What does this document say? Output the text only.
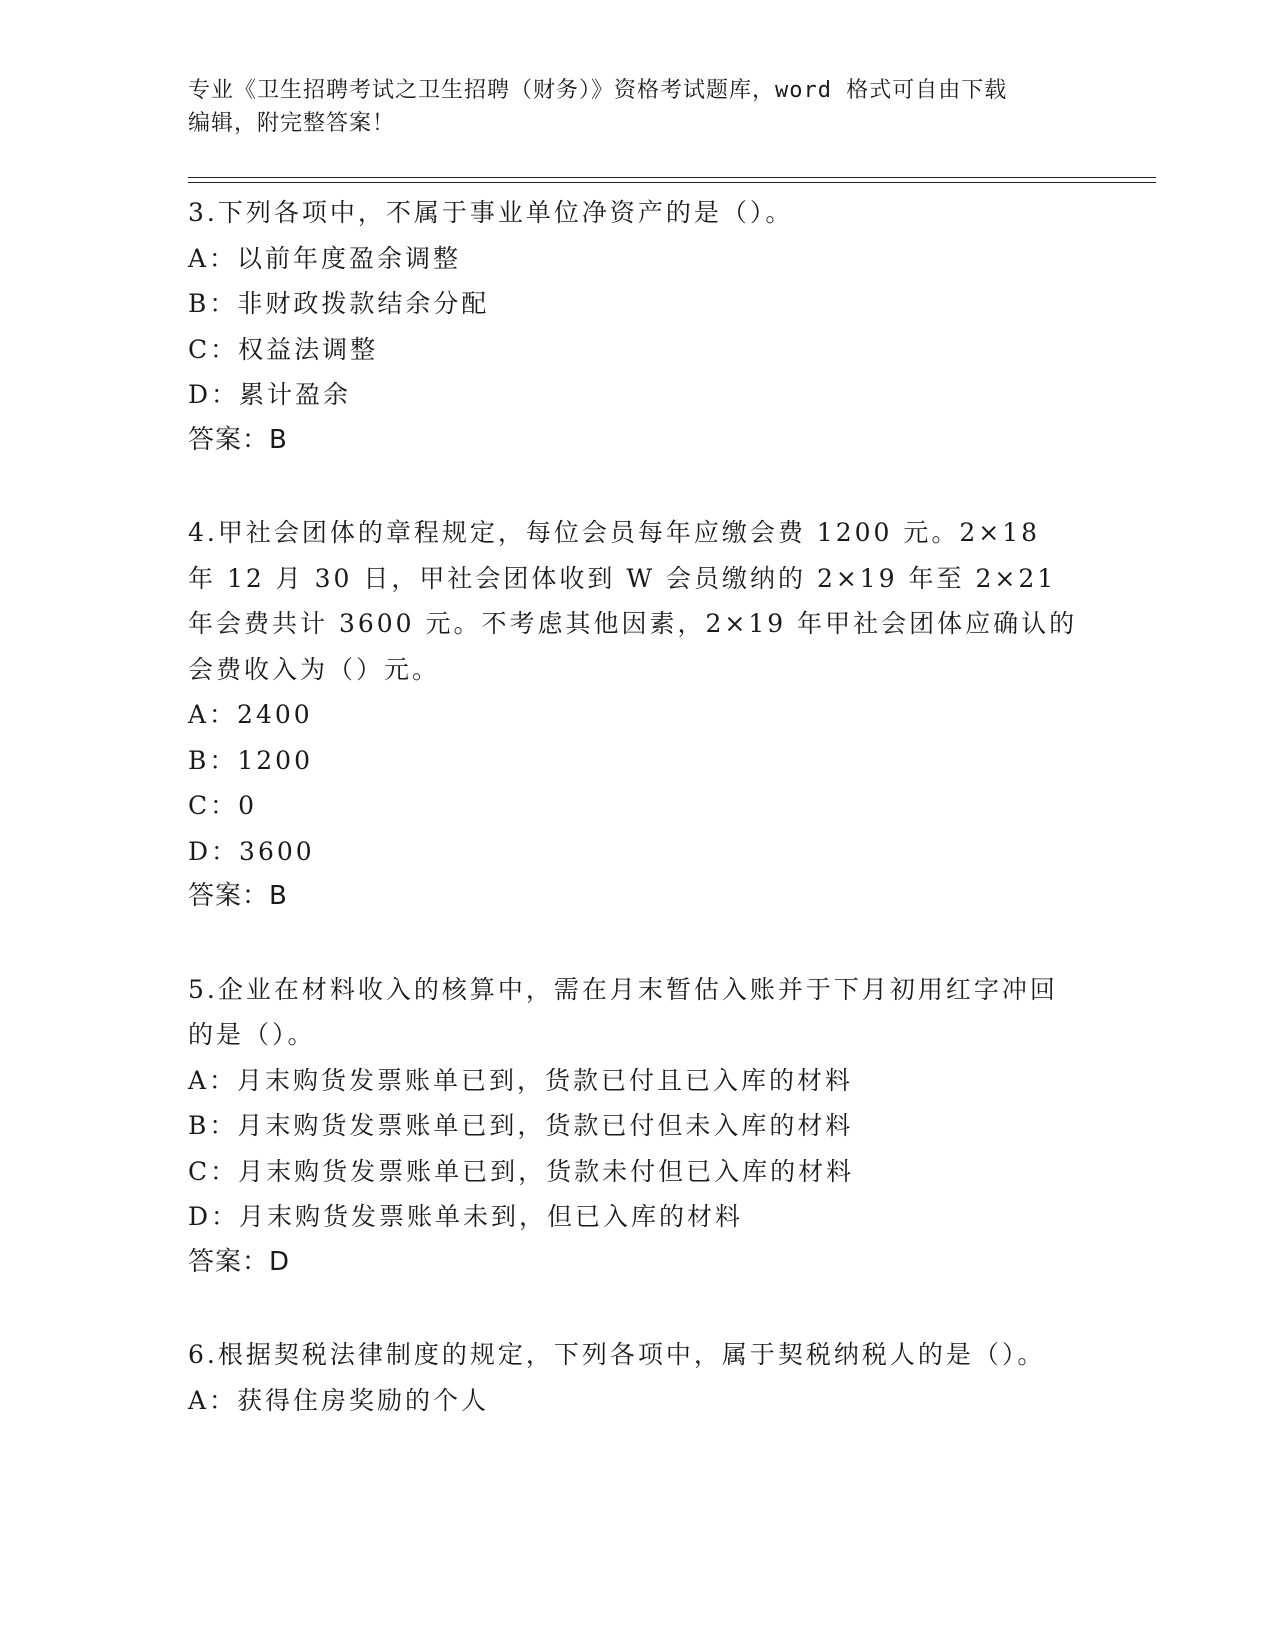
专业《卫生招聘考试之卫生招聘（财务）》资格考试题库，word 格式可自由下载
编辑，附完整答案！
3.下列各项中，不属于事业单位净资产的是（）。
A：以前年度盈余调整
B：非财政拨款结余分配
C：权益法调整
D：累计盈余
答案：B
4.甲社会团体的章程规定，每位会员每年应缴会费 1200 元。2×18 年 12 月 30 日，甲社会团体收到 W 会员缴纳的 2×19 年至 2×21 年会费共计 3600 元。不考虑其他因素，2×19 年甲社会团体应确认的会费收入为（）元。
A：2400
B：1200
C：0
D：3600
答案：B
5.企业在材料收入的核算中，需在月末暂估入账并于下月初用红字冲回的是（）。
A：月末购货发票账单已到，货款已付且已入库的材料
B：月末购货发票账单已到，货款已付但未入库的材料
C：月末购货发票账单已到，货款未付但已入库的材料
D：月末购货发票账单未到，但已入库的材料
答案：D
6.根据契税法律制度的规定，下列各项中，属于契税纳税人的是（）。
A：获得住房奖励的个人
